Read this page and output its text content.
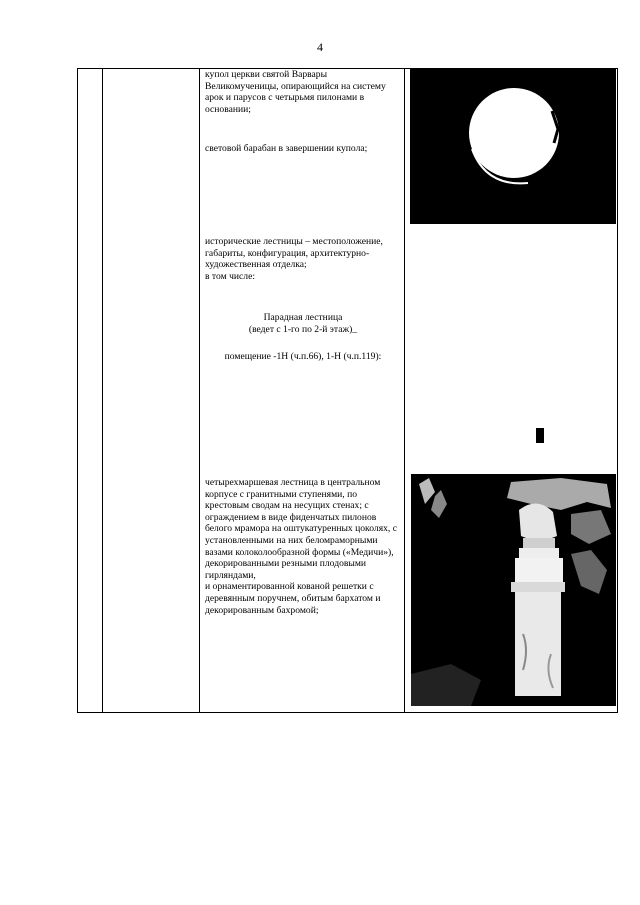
4
купол церкви святой Варвары Великомученицы, опирающийся на систему арок и парусов с четырьмя пилонами в основании;
световой барабан в завершении купола;

исторические лестницы – местоположение, габариты, конфигурация, архитектурно-художественная отделка;

в том числе:

Парадная лестница

(ведет с 1-го по 2-й этаж)_

помещение -1Н (ч.п.66), 1-Н (ч.п.119):

четырехмаршевая лестница в центральном корпусе с гранитными ступенями, по крестовым сводам на несущих стенах; с ограждением в виде фиденчатых пилонов белого мрамора на оштукатуренных цоколях, с установленными на них беломраморными вазами колоколообразной формы («Медичи»), декорированными резными плодовыми гирляндами,

и орнаментированной кованой решетки с деревянным поручнем, обитым бархатом и декорированным бахромой;
